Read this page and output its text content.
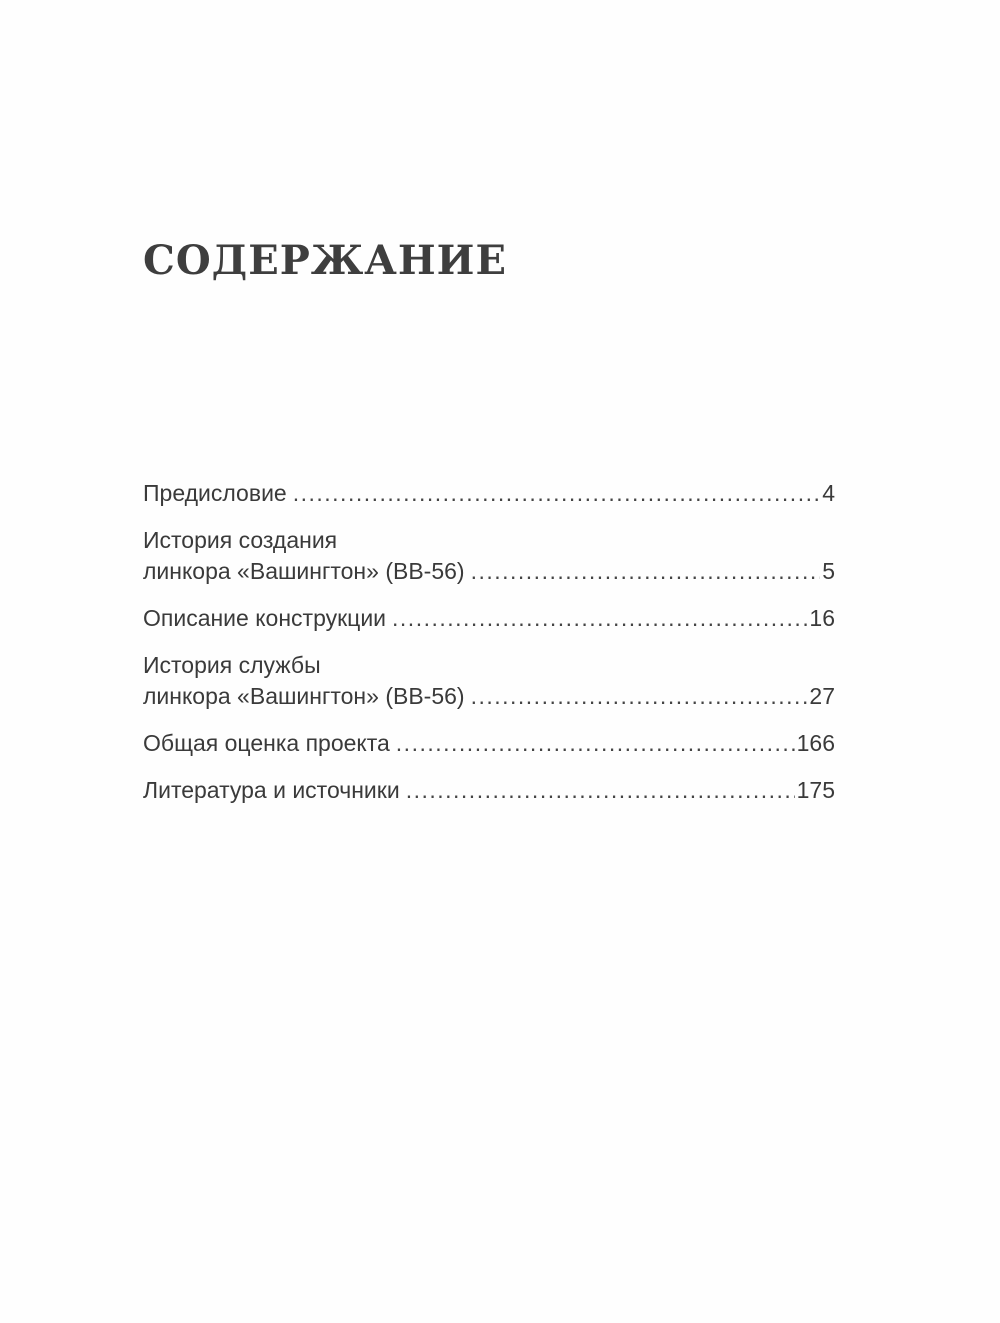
СОДЕРЖАНИЕ
Предисловие .....	4
История создания
линкора «Вашингтон» (ВВ-56) .....	5
Описание конструкции .....	16
История службы
линкора «Вашингтон» (ВВ-56) .....	27
Общая оценка проекта .....	166
Литература и источники .....	175
